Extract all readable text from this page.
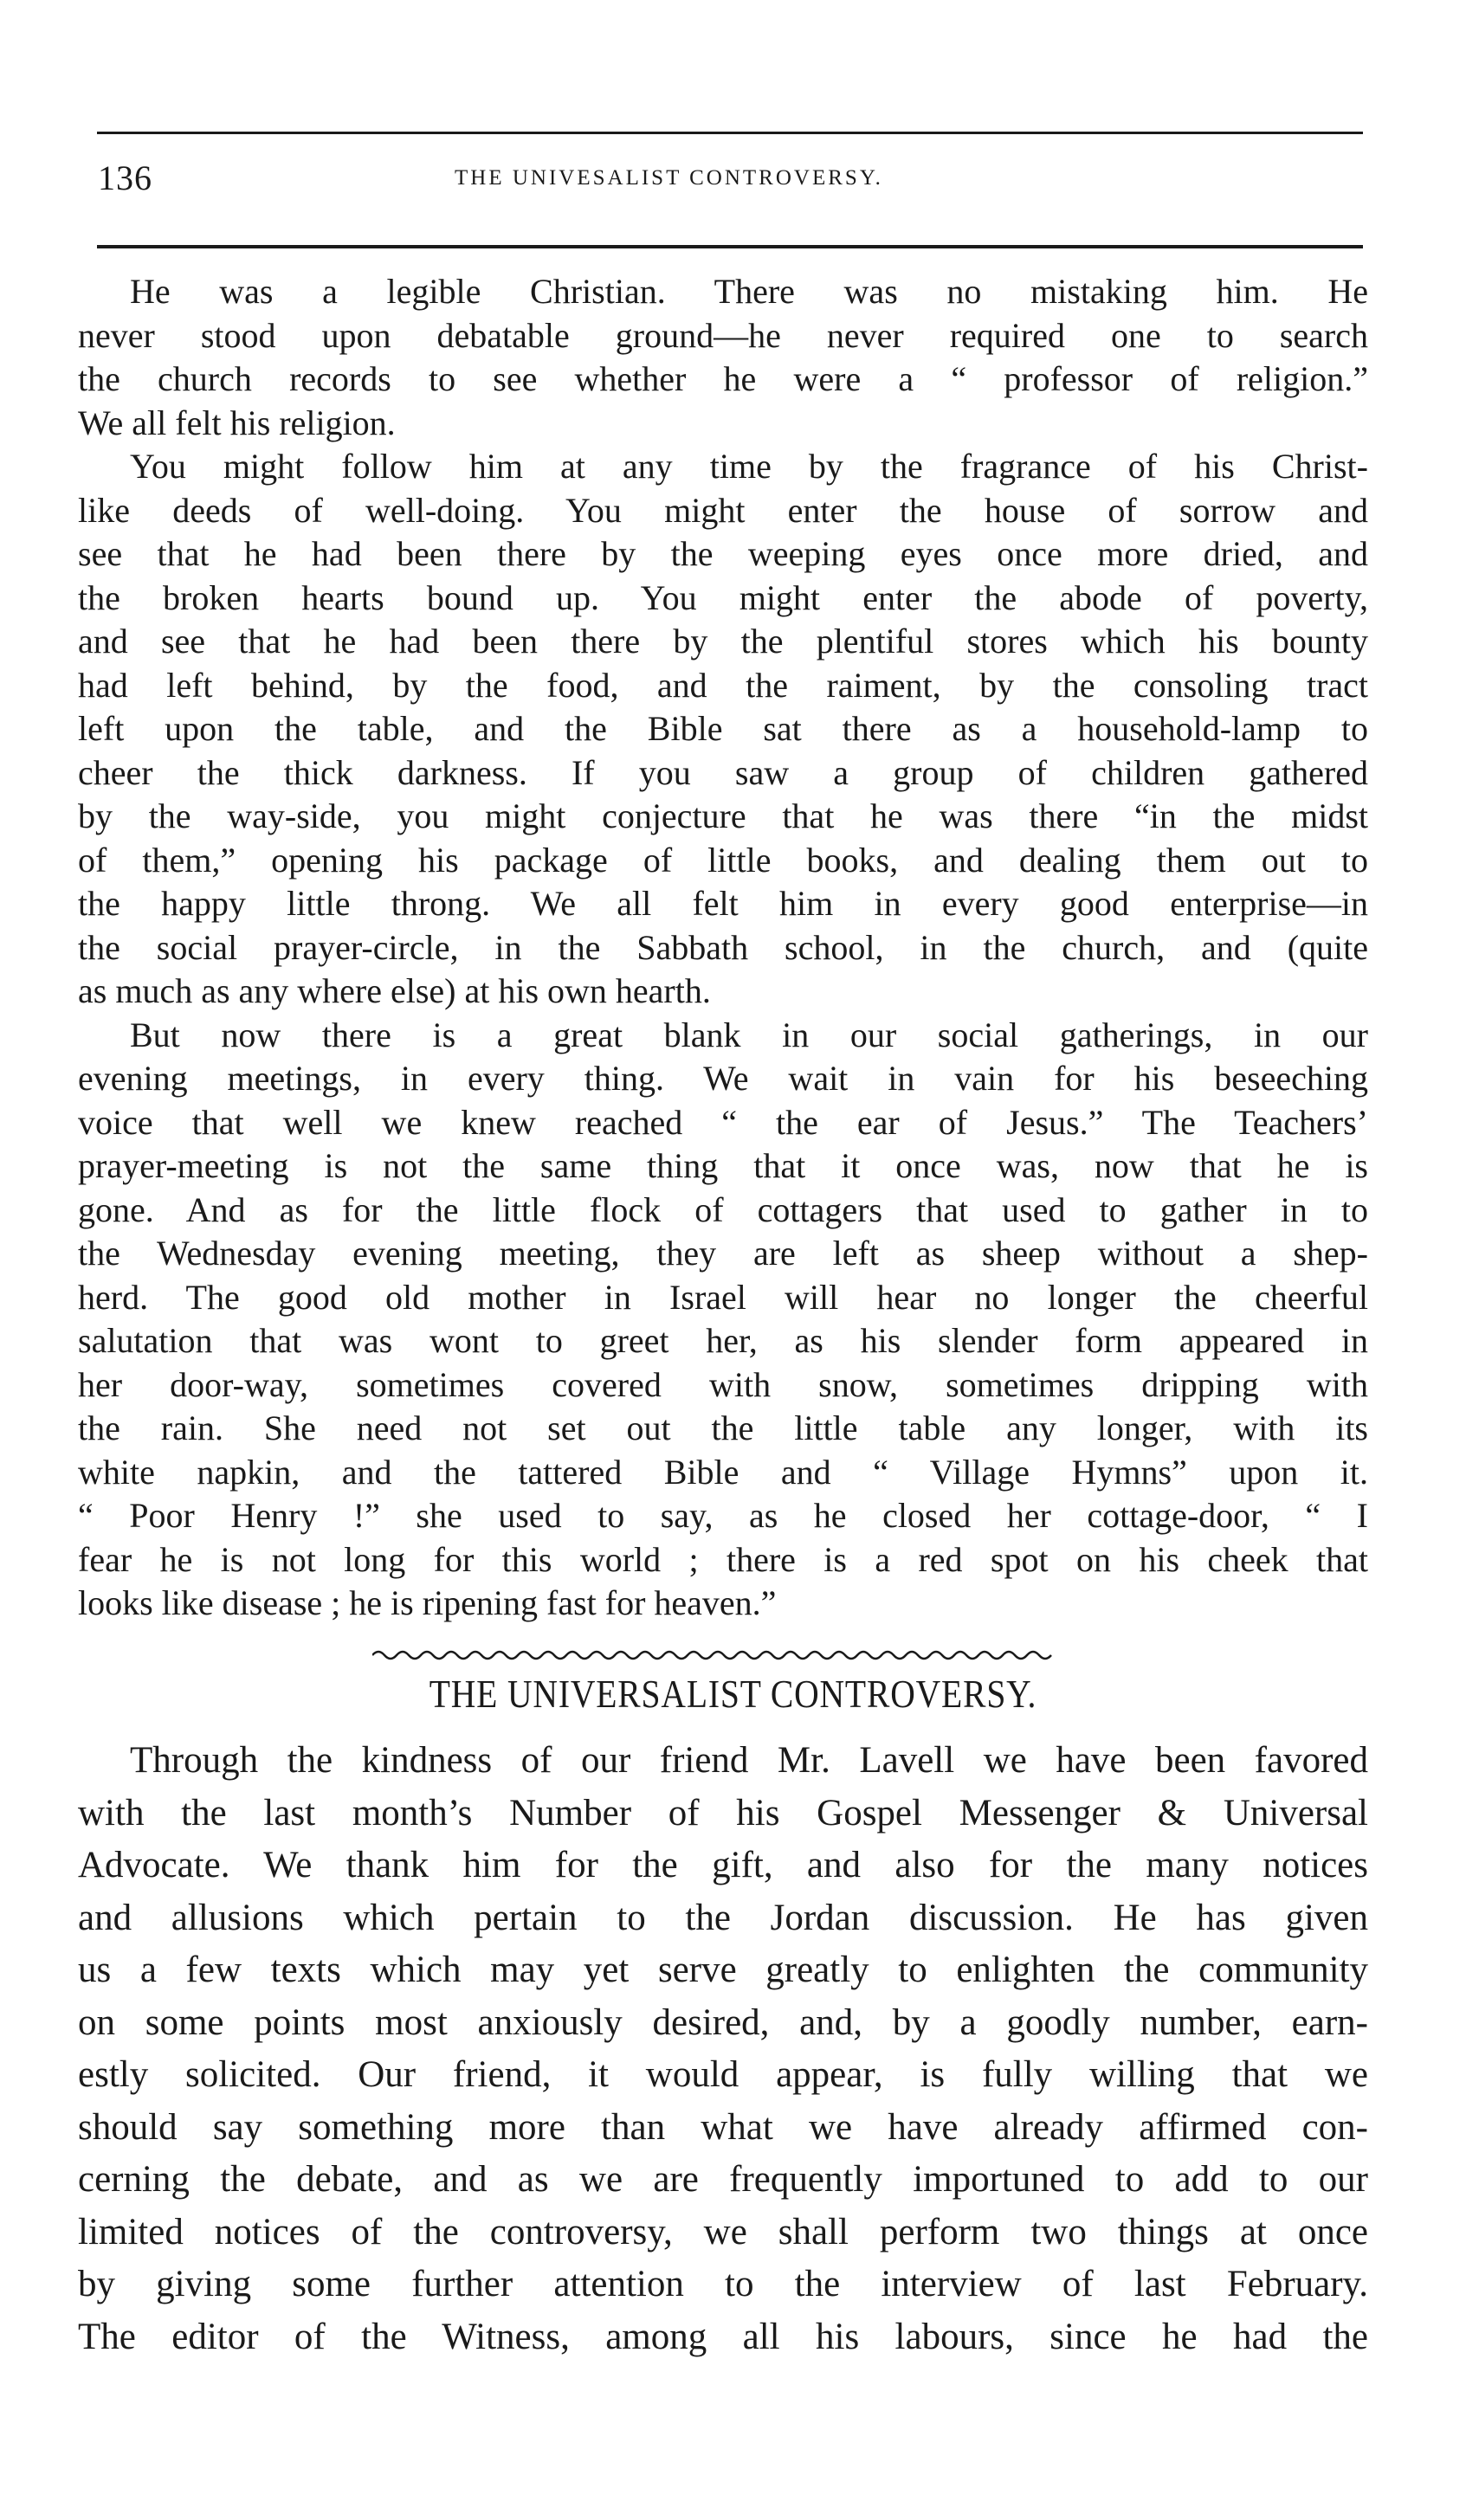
136	THE UNIVESALIST CONTROVERSY.
He was a legible Christian. There was no mistaking him. He
never stood upon debatable ground—he never required one to search
the church records to see whether he were a “ professor of religion.”
We all felt his religion.
You might follow him at any time by the fragrance of his Christ-
like deeds of well-doing. You might enter the house of sorrow and
see that he had been there by the weeping eyes once more dried, and
the broken hearts bound up. You might enter the abode of poverty,
and see that he had been there by the plentiful stores which his bounty
had left behind, by the food, and the raiment, by the consoling tract
left upon the table, and the Bible sat there as a household-lamp to
cheer the thick darkness. If you saw a group of children gathered
by the way-side, you might conjecture that he was there “in the midst
of them,” opening his package of little books, and dealing them out to
the happy little throng. We all felt him in every good enterprise—in
the social prayer-circle, in the Sabbath school, in the church, and (quite
as much as any where else) at his own hearth.
But now there is a great blank in our social gatherings, in our
evening meetings, in every thing. We wait in vain for his beseeching
voice that well we knew reached “ the ear of Jesus.” The Teachers’
prayer-meeting is not the same thing that it once was, now that he is
gone. And as for the little flock of cottagers that used to gather in to
the Wednesday evening meeting, they are left as sheep without a shep-
herd. The good old mother in Israel will hear no longer the cheerful
salutation that was wont to greet her, as his slender form appeared in
her door-way, sometimes covered with snow, sometimes dripping with
the rain. She need not set out the little table any longer, with its
white napkin, and the tattered Bible and “ Village Hymns” upon it.
“ Poor Henry !” she used to say, as he closed her cottage-door, “ I
fear he is not long for this world ; there is a red spot on his cheek that
looks like disease ; he is ripening fast for heaven.”
THE UNIVERSALIST CONTROVERSY.
Through the kindness of our friend Mr. Lavell we have been favored
with the last month’s Number of his Gospel Messenger & Universal
Advocate. We thank him for the gift, and also for the many notices
and allusions which pertain to the Jordan discussion. He has given
us a few texts which may yet serve greatly to enlighten the community
on some points most anxiously desired, and, by a goodly number, earn-
estly solicited. Our friend, it would appear, is fully willing that we
should say something more than what we have already affirmed con-
cerning the debate, and as we are frequently importuned to add to our
limited notices of the controversy, we shall perform two things at once
by giving some further attention to the interview of last February.
The editor of the Witness, among all his labours, since he had the
